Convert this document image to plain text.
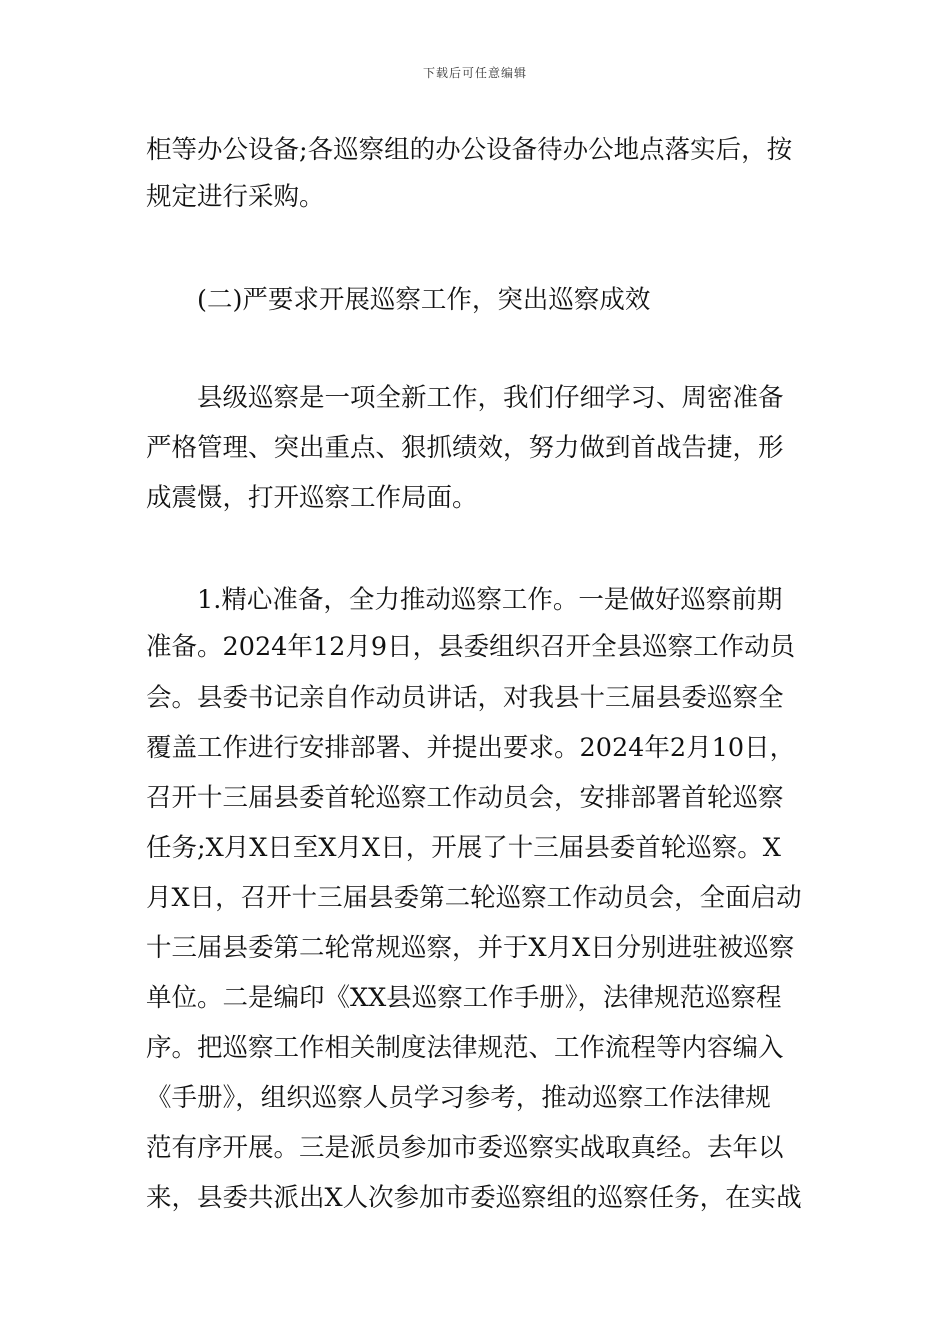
下载后可任意编辑
柜等办公设备;各巡察组的办公设备待办公地点落实后，按
规定进行采购。
(二)严要求开展巡察工作，突出巡察成效
县级巡察是一项全新工作，我们仔细学习、周密准备
严格管理、突出重点、狠抓绩效，努力做到首战告捷，形
成震慑，打开巡察工作局面。
1.精心准备，全力推动巡察工作。一是做好巡察前期
准备。2024年12月9日，县委组织召开全县巡察工作动员
会。县委书记亲自作动员讲话，对我县十三届县委巡察全
覆盖工作进行安排部署、并提出要求。2024年2月10日，
召开十三届县委首轮巡察工作动员会，安排部署首轮巡察
任务;X月X日至X月X日，开展了十三届县委首轮巡察。X
月X日，召开十三届县委第二轮巡察工作动员会，全面启动
十三届县委第二轮常规巡察，并于X月X日分别进驻被巡察
单位。二是编印《XX县巡察工作手册》，法律规范巡察程
序。把巡察工作相关制度法律规范、工作流程等内容编入
《手册》，组织巡察人员学习参考，推动巡察工作法律规
范有序开展。三是派员参加市委巡察实战取真经。去年以
来，县委共派出X人次参加市委巡察组的巡察任务，在实战
